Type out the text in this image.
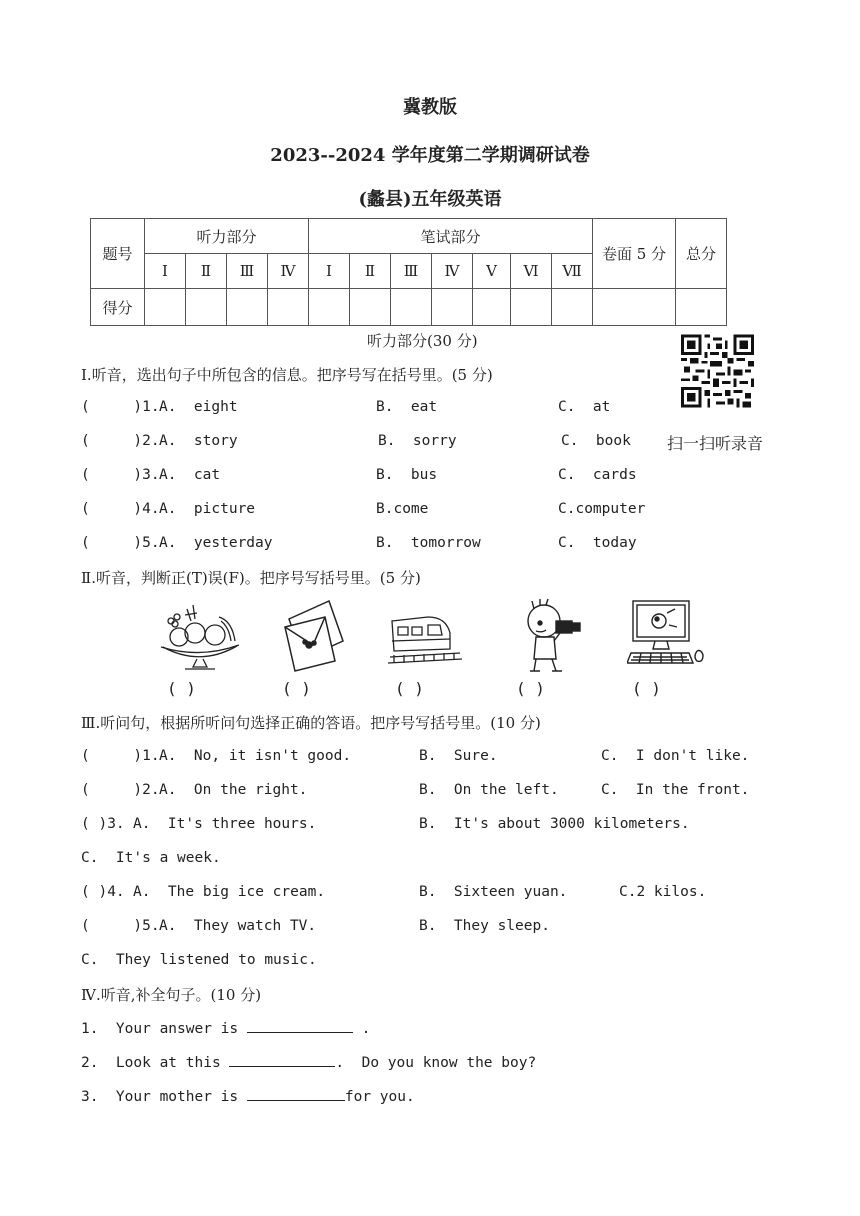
冀教版
2023--2024 学年度第二学期调研试卷
(蠡县)五年级英语
题号	听力部分				笔试部分							卷面 5 分	总分
	Ⅰ	Ⅱ	Ⅲ	Ⅳ	Ⅰ	Ⅱ	Ⅲ	Ⅳ	Ⅴ	Ⅵ	Ⅶ		
得分													
听力部分(30 分)
扫一扫听录音
Ⅰ.听音，选出句子中所包含的信息。把序号写在括号里。(5 分)
(     )1. A.  eight	B.  eat	C.  at
(     )2. A.  story	B.  sorry	C.  book
(     )3. A.  cat	B.  bus	C.  cards
(     )4. A.  picture	B.come	C.computer
(     )5. A.  yesterday	B.  tomorrow	C.  today
Ⅱ.听音，判断正(T)误(F)。把序号写括号里。(5 分)
( )	( )	( )	( )	( )
Ⅲ.听问句，根据所听问句选择正确的答语。把序号写括号里。(10 分)
(     )1. A.  No, it isn't good.	B.  Sure.	C.  I don't like.
(     )2. A.  On the right.	B.  On the left.	C.  In the front.
( )3. A.  It's three hours.	B.  It's about 3000 kilometers.
C.  It's a week.
( )4. A.  The big ice cream.	B.  Sixteen yuan.	C.2 kilos.
(     )5. A.  They watch TV.	B.  They sleep.
C.  They listened to music.
Ⅳ.听音,补全句子。(10 分)
1.  Your answer is	.
2.  Look at this	.  Do you know the boy?
3.  Your mother is	for you.
